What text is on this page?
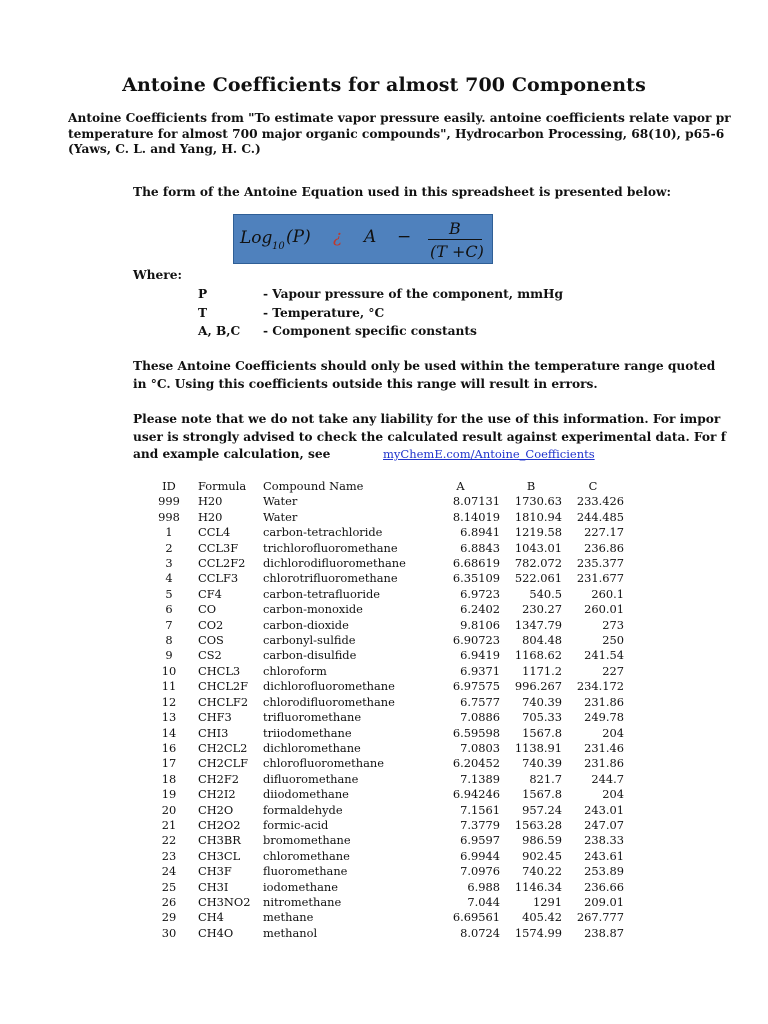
Antoine Coefficients for almost 700 Components
Antoine Coefficients from "To estimate vapor pressure easily. antoine coefficients relate vapor pr
temperature for almost 700 major organic compounds", Hydrocarbon Processing, 68(10), p65-6
(Yaws, C. L. and Yang, H. C.)
The form of the Antoine Equation used in this spreadsheet is presented below:
Log 10 (P) ¿ A − B
(T +C)
Where:
P	- Vapour pressure of the component, mmHg
T	- Temperature, °C
A, B,C - Component specific constants
These Antoine Coefficients should only be used within the temperature range quoted
in °C. Using this coefficients outside this range will result in errors.
Please note that we do not take any liability for the use of this information. For impor
user is strongly advised to check the calculated result against experimental data. For f
and example calculation, see	myChemE.com/Antoine_Coefficients
ID	Formula	Compound Name	A	B	C
999	H20	Water	8.07131	1730.63	233.426
998	H20	Water	8.14019	1810.94	244.485
1	CCL4	carbon-tetrachloride	6.8941	1219.58	227.17
2	CCL3F	trichlorofluoromethane	6.8843	1043.01	236.86
3	CCL2F2	dichlorodifluoromethane	6.68619	782.072	235.377
4	CCLF3	chlorotrifluoromethane	6.35109	522.061	231.677
5	CF4	carbon-tetrafluoride	6.9723	540.5	260.1
6	CO	carbon-monoxide	6.2402	230.27	260.01
7	CO2	carbon-dioxide	9.8106	1347.79	273
8	COS	carbonyl-sulfide	6.90723	804.48	250
9	CS2	carbon-disulfide	6.9419	1168.62	241.54
10	CHCL3	chloroform	6.9371	1171.2	227
11	CHCL2F	dichlorofluoromethane	6.97575	996.267	234.172
12	CHCLF2	chlorodifluoromethane	6.7577	740.39	231.86
13	CHF3	trifluoromethane	7.0886	705.33	249.78
14	CHI3	triiodomethane	6.59598	1567.8	204
16	CH2CL2	dichloromethane	7.0803	1138.91	231.46
17	CH2CLF	chlorofluoromethane	6.20452	740.39	231.86
18	CH2F2	difluoromethane	7.1389	821.7	244.7
19	CH2I2	diiodomethane	6.94246	1567.8	204
20	CH2O	formaldehyde	7.1561	957.24	243.01
21	CH2O2	formic-acid	7.3779	1563.28	247.07
22	CH3BR	bromomethane	6.9597	986.59	238.33
23	CH3CL	chloromethane	6.9944	902.45	243.61
24	CH3F	fluoromethane	7.0976	740.22	253.89
25	CH3I	iodomethane	6.988	1146.34	236.66
26	CH3NO2	nitromethane	7.044	1291	209.01
29	CH4	methane	6.69561	405.42	267.777
30	CH4O	methanol	8.0724	1574.99	238.87
